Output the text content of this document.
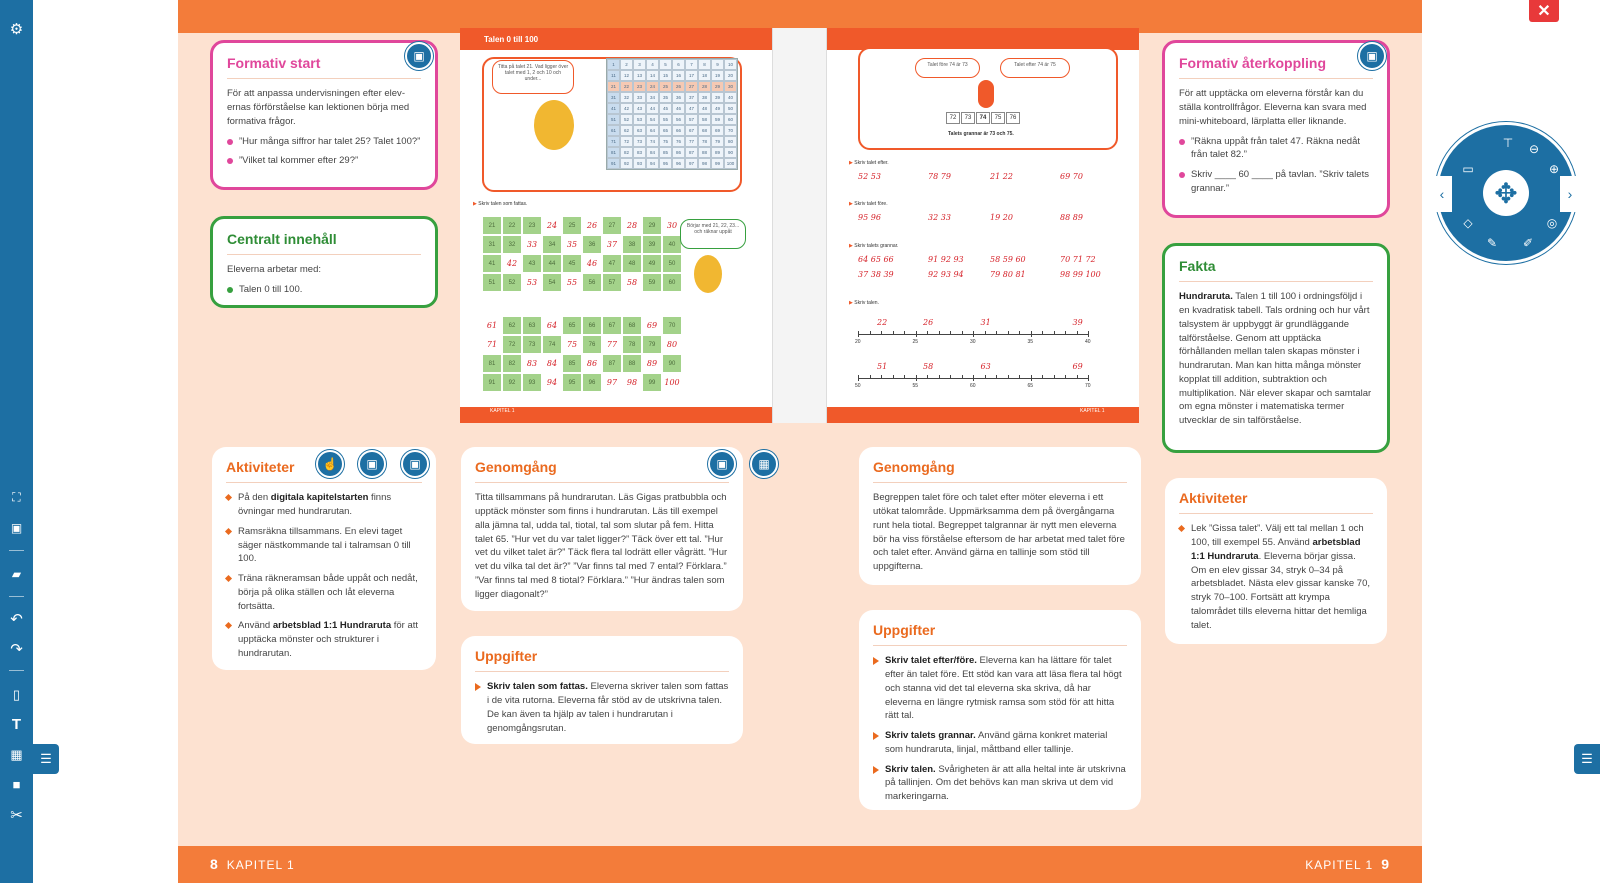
8 KAPITEL 1	KAPITEL 1 9
⚙
⛶
▣
▰
↶
↷
▯
T
▦
■
✂
☰	☰
✕
Formativ start

För att anpassa undervisningen efter elevernas förförståelse kan lektionen börja med formativa frågor.

”Hur många siffror har talet 25? Talet 100?”
”Vilket tal kommer efter 29?”
▣
Centralt innehåll

Eleverna arbetar med:

Talen 0 till 100.
Aktiviteter
På den digitala kapitelstarten finns övningar med hundrarutan.
Ramsräkna tillsammans. En elevi taget säger nästkommande tal i talramsan 0 till 100.
Träna räkneramsan både uppåt och nedåt, börja på olika ställen och låt eleverna fortsätta.
Använd arbetsblad 1:1 Hundraruta för att upptäcka mönster och strukturer i hundrarutan.
☝	▣	▣
Talen 0 till 100
Titta på talet 21. Vad ligger över talet med 1, 2 och 10 och under...
1	2	3	4	5	6	7	8	9	10
11	12	13	14	15	16	17	18	19	20
21	22	23	24	25	26	27	28	29	30
31	32	33	34	35	36	37	38	39	40
41	42	43	44	45	46	47	48	49	50
51	52	53	54	55	56	57	58	59	60
61	62	63	64	65	66	67	68	69	70
71	72	73	74	75	76	77	78	79	80
81	82	83	84	85	86	87	88	89	90
91	92	93	94	95	96	97	98	99	100
▶ Skriv talen som fattas.
21	22	23	24	25	26	27	28	29	30
31	32	33	34	35	36	37	38	39	40
41	42	43	44	45	46	47	48	49	50
51	52	53	54	55	56	57	58	59	60
Börjar med 21, 22, 23... och räknar uppåt
61	62	63	64	65	66	67	68	69	70
71	72	73	74	75	76	77	78	79	80
81	82	83	84	85	86	87	88	89	90
91	92	93	94	95	96	97	98	99	100
KAPITEL 1
Talet före 74 är 73	Talet efter 74 är 75
72	73	74	75	76
Talets grannar är 73 och 75.
▶ Skriv talet efter.
52 53	78 79	21 22	69 70
▶ Skriv talet före.
95 96	32 33	19 20	88 89
▶ Skriv talets grannar.
64 65 66	91 92 93	58 59 60	70 71 72
37 38 39	92 93 94	79 80 81	98 99 100
▶ Skriv talen.
20	25	30	35	40
22	26	31	39
50	55	60	65	70
51	58	63	69
KAPITEL 1
Genomgång

Titta tillsammans på hundrarutan. Läs Gigas pratbubbla och upptäck mönster som finns i hundrarutan. Läs till exempel alla jämna tal, udda tal, tiotal, tal som slutar på fem. Hitta talet 65. ”Hur vet du var talet ligger?” Täck över ett tal. ”Hur vet du vilket talet är?” Täck flera tal lodrätt eller vågrätt. ”Hur vet du vilka tal det är?” ”Var finns tal med 7 ental? Förklara.” ”Var finns tal med 8 tiotal? Förklara.” ”Hur ändras talen som ligger diagonalt?”

▣	▦
Uppgifter
Skriv talen som fattas. Eleverna skriver talen som fattas i de vita rutorna. Eleverna får stöd av de utskrivna talen. De kan även ta hjälp av talen i hundrarutan i genomgångsrutan.
Genomgång

Begreppen talet före och talet efter möter eleverna i ett utökat talområde. Uppmärksamma dem på övergångarna runt hela tiotal. Begreppet talgrannar är nytt men eleverna bör ha viss förståelse eftersom de har arbetat med talet före och talet efter. Använd gärna en tallinje som stöd till uppgifterna.

Uppgifter
Skriv talet efter/före. Eleverna kan ha lättare för talet efter än talet före. Ett stöd kan vara att läsa flera tal högt och stanna vid det tal eleverna ska skriva, då har eleverna en längre rytmisk ramsa som stöd för att hitta rätt tal.
Skriv talets grannar. Använd gärna konkret material som hundraruta, linjal, måttband eller tallinje.
Skriv talen. Svårigheten är att alla heltal inte är utskrivna på tallinjen. Om det behövs kan man skriva ut dem vid markeringarna.
Formativ återkoppling

För att upptäcka om eleverna förstår kan du ställa kontrollfrågor. Eleverna kan svara med mini-whiteboard, lärplatta eller liknande.

”Räkna uppåt från talet 47. Räkna nedåt från talet 82.”
Skriv ____ 60 ____ på tavlan. ”Skriv talets grannar.”
▣
Fakta

Hundraruta. Talen 1 till 100 i ordningsföljd i en kvadratisk tabell. Tals ordning och hur vårt talsystem är uppbyggt är grundläggande talförståelse. Genom att upptäcka förhållanden mellan talen skapas mönster i hundrarutan. Man kan hitta många mönster kopplat till addition, subtraktion och multiplikation. När elever skapar och samtalar om egna mönster i matematiska termer utvecklar de sin talförståelse.

Aktiviteter
Lek ”Gissa talet”. Välj ett tal mellan 1 och 100, till exempel 55. Använd arbetsblad 1:1 Hundraruta. Eleverna börjar gissa. Om en elev gissar 34, stryk 0–34 på arbetsbladet. Nästa elev gissar kanske 70, stryk 70–100. Fortsätt att krympa talområdet tills eleverna hittar det hemliga talet.
⊤	⊖
⊕
▭
◇
✎	✐
◎
‹	›
✥
